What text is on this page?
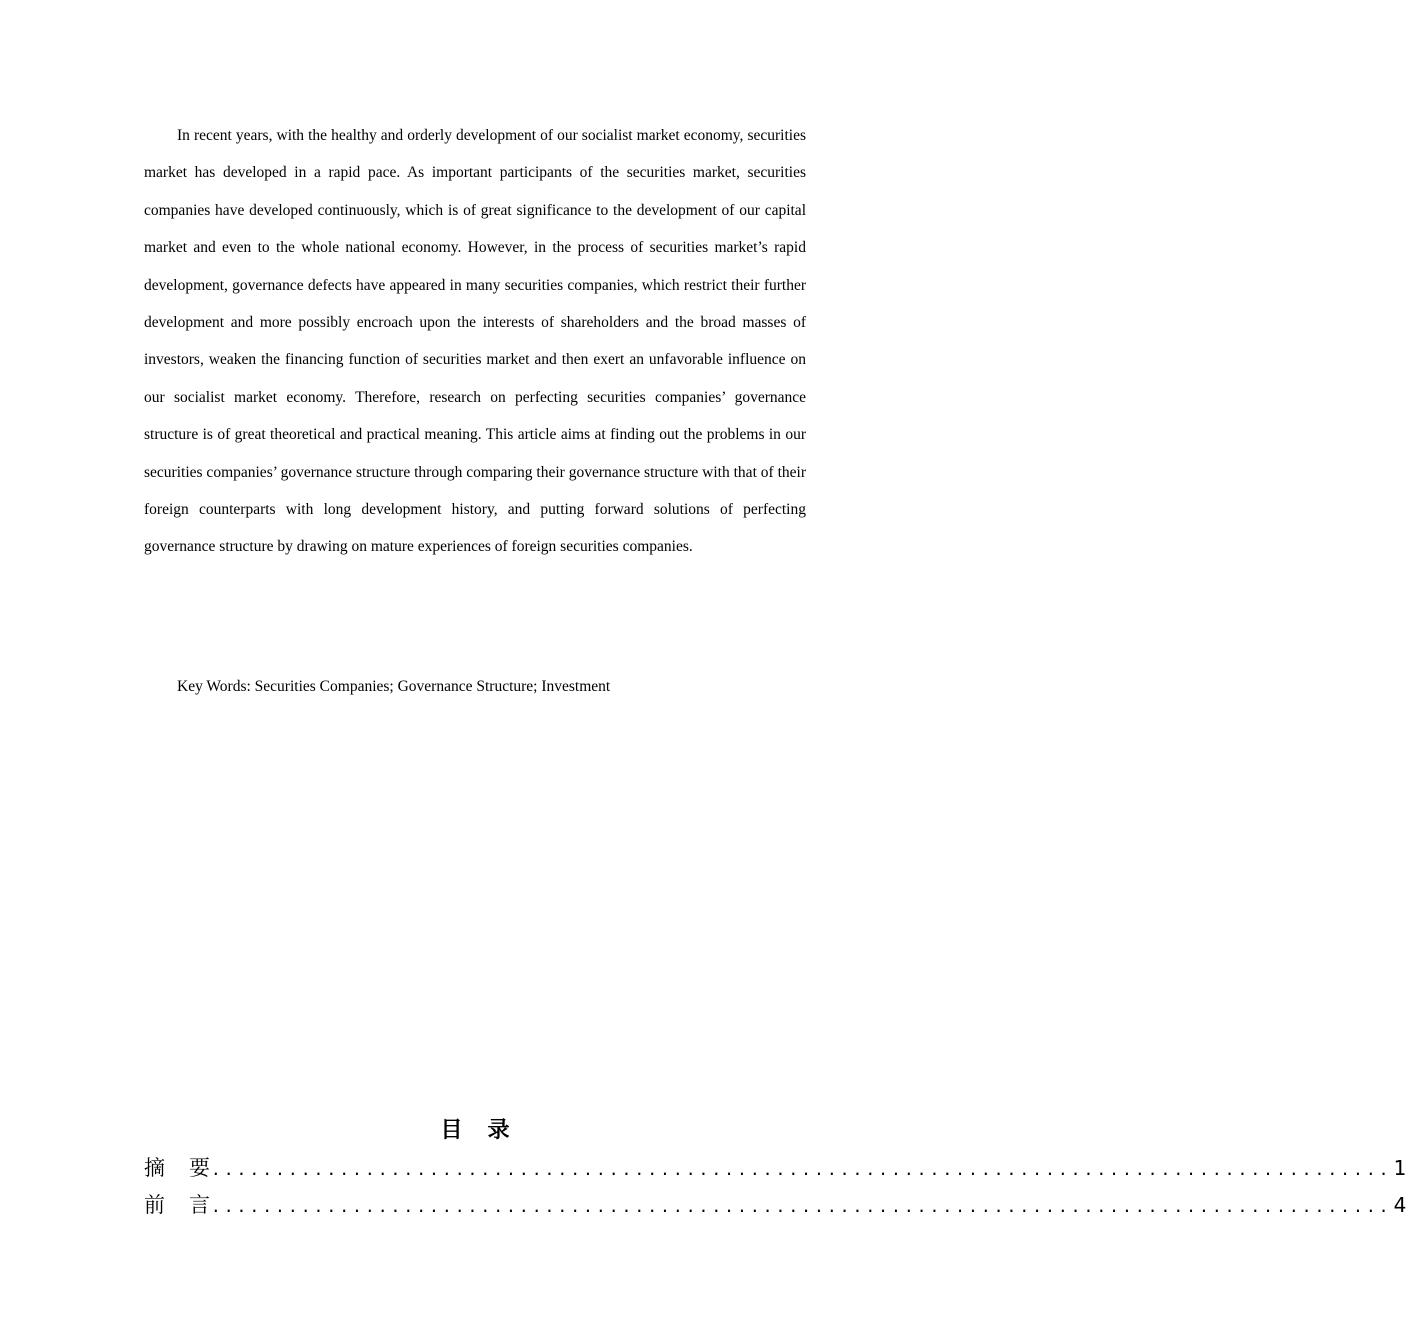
In recent years, with the healthy and orderly development of our socialist market economy, securities market has developed in a rapid pace. As important participants of the securities market, securities companies have developed continuously, which is of great significance to the development of our capital market and even to the whole national economy. However, in the process of securities market’s rapid development, governance defects have appeared in many securities companies, which restrict their further development and more possibly encroach upon the interests of shareholders and the broad masses of investors, weaken the financing function of securities market and then exert an unfavorable influence on our socialist market economy. Therefore, research on perfecting securities companies’ governance structure is of great theoretical and practical meaning. This article aims at finding out the problems in our securities companies’ governance structure through comparing their governance structure with that of their foreign counterparts with long development history, and putting forward solutions of perfecting governance structure by drawing on mature experiences of foreign securities companies.

Key Words: Securities Companies; Governance Structure; Investment

目录
摘要 ............................................................................................ 1
前言 ............................................................................................ 4
